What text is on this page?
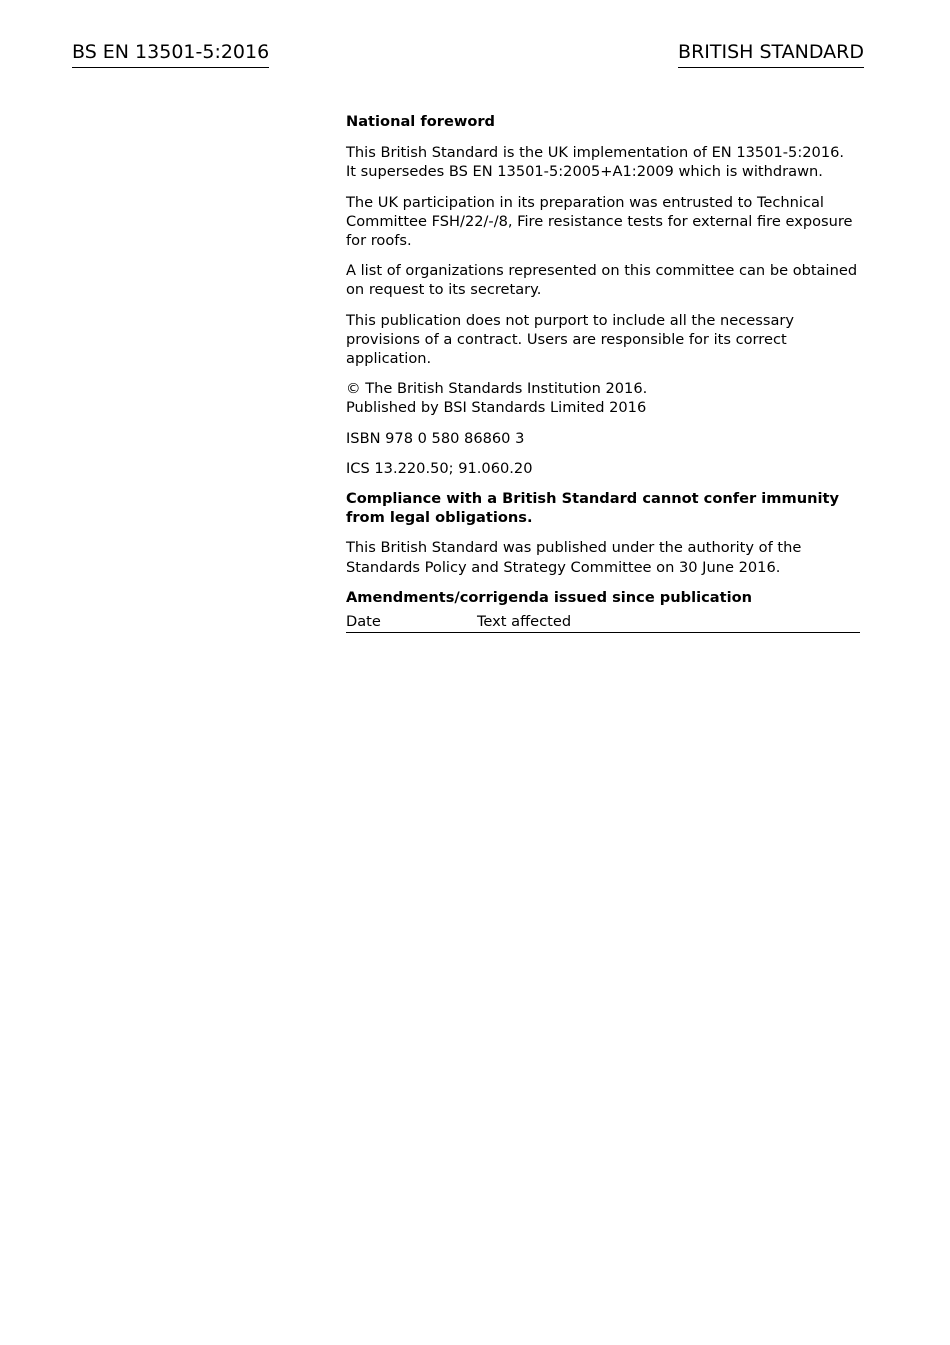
BS EN 13501-5:2016	BRITISH STANDARD

National foreword

This British Standard is the UK implementation of EN 13501-5:2016.
It supersedes BS EN 13501-5:2005+A1:2009 which is withdrawn.

The UK participation in its preparation was entrusted to Technical Committee FSH/22/-/8, Fire resistance tests for external fire exposure for roofs.

A list of organizations represented on this committee can be obtained on request to its secretary.

This publication does not purport to include all the necessary provisions of a contract. Users are responsible for its correct application.

© The British Standards Institution 2016.
Published by BSI Standards Limited 2016

ISBN 978 0 580 86860 3

ICS 13.220.50; 91.060.20

Compliance with a British Standard cannot confer immunity from legal obligations.

This British Standard was published under the authority of the Standards Policy and Strategy Committee on 30 June 2016.

Amendments/corrigenda issued since publication

Date	Text affected
